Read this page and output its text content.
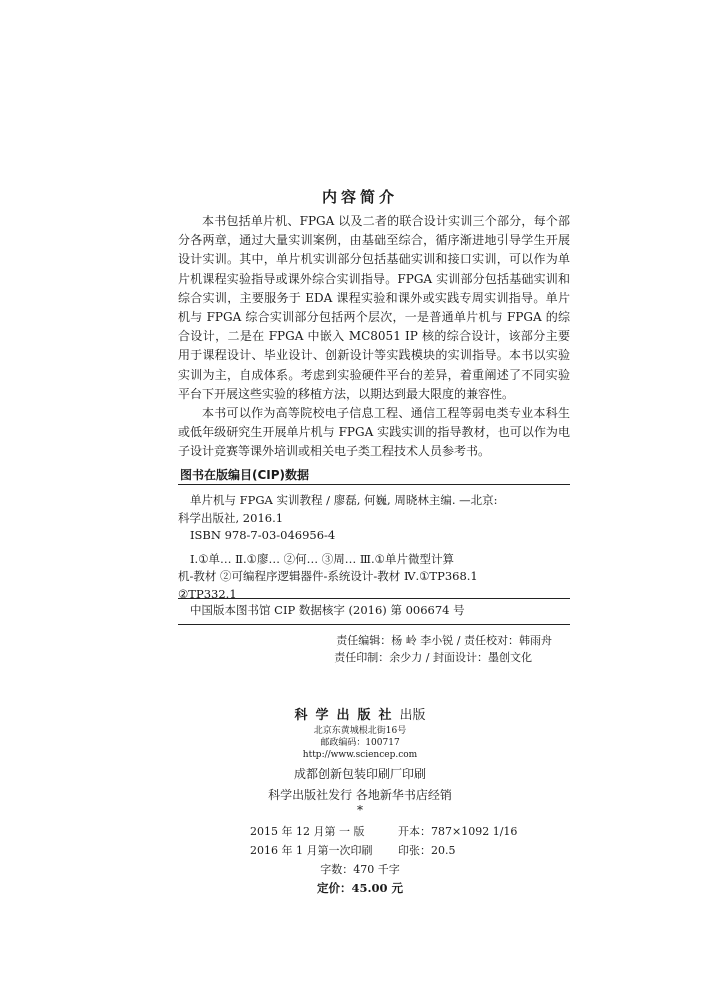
内容简介

本书包括单片机、FPGA 以及二者的联合设计实训三个部分，每个部分各两章，通过大量实训案例，由基础至综合，循序渐进地引导学生开展设计实训。其中，单片机实训部分包括基础实训和接口实训，可以作为单片机课程实验指导或课外综合实训指导。FPGA 实训部分包括基础实训和综合实训，主要服务于 EDA 课程实验和课外或实践专周实训指导。单片机与 FPGA 综合实训部分包括两个层次，一是普通单片机与 FPGA 的综合设计，二是在 FPGA 中嵌入 MC8051 IP 核的综合设计，该部分主要用于课程设计、毕业设计、创新设计等实践模块的实训指导。本书以实验实训为主，自成体系。考虑到实验硬件平台的差异，着重阐述了不同实验平台下开展这些实验的移植方法，以期达到最大限度的兼容性。

本书可以作为高等院校电子信息工程、通信工程等弱电类专业本科生或低年级研究生开展单片机与 FPGA 实践实训的指导教材，也可以作为电子设计竞赛等课外培训或相关电子类工程技术人员参考书。

图书在版编目(CIP)数据
单片机与 FPGA 实训教程 / 廖磊, 何巍, 周晓林主编. —北京:
科学出版社, 2016.1
ISBN 978-7-03-046956-4
Ⅰ.①单… Ⅱ.①廖… ②何… ③周… Ⅲ.①单片微型计算
机-教材 ②可编程序逻辑器件-系统设计-教材 Ⅳ.①TP368.1
②TP332.1
中国版本图书馆 CIP 数据核字 (2016) 第 006674 号
责任编辑：杨 岭 李小锐 / 责任校对：韩雨舟
责任印制：余少力 / 封面设计：墨创文化
科学出版社出版
北京东黄城根北街16号
邮政编码：100717
http://www.sciencep.com
成都创新包装印刷厂印刷
科学出版社发行 各地新华书店经销
*
2015 年 12 月第 一 版	开本：787×1092 1/16
2016 年 1 月第一次印刷 印张：20.5
字数：470 千字
定价：45.00 元
